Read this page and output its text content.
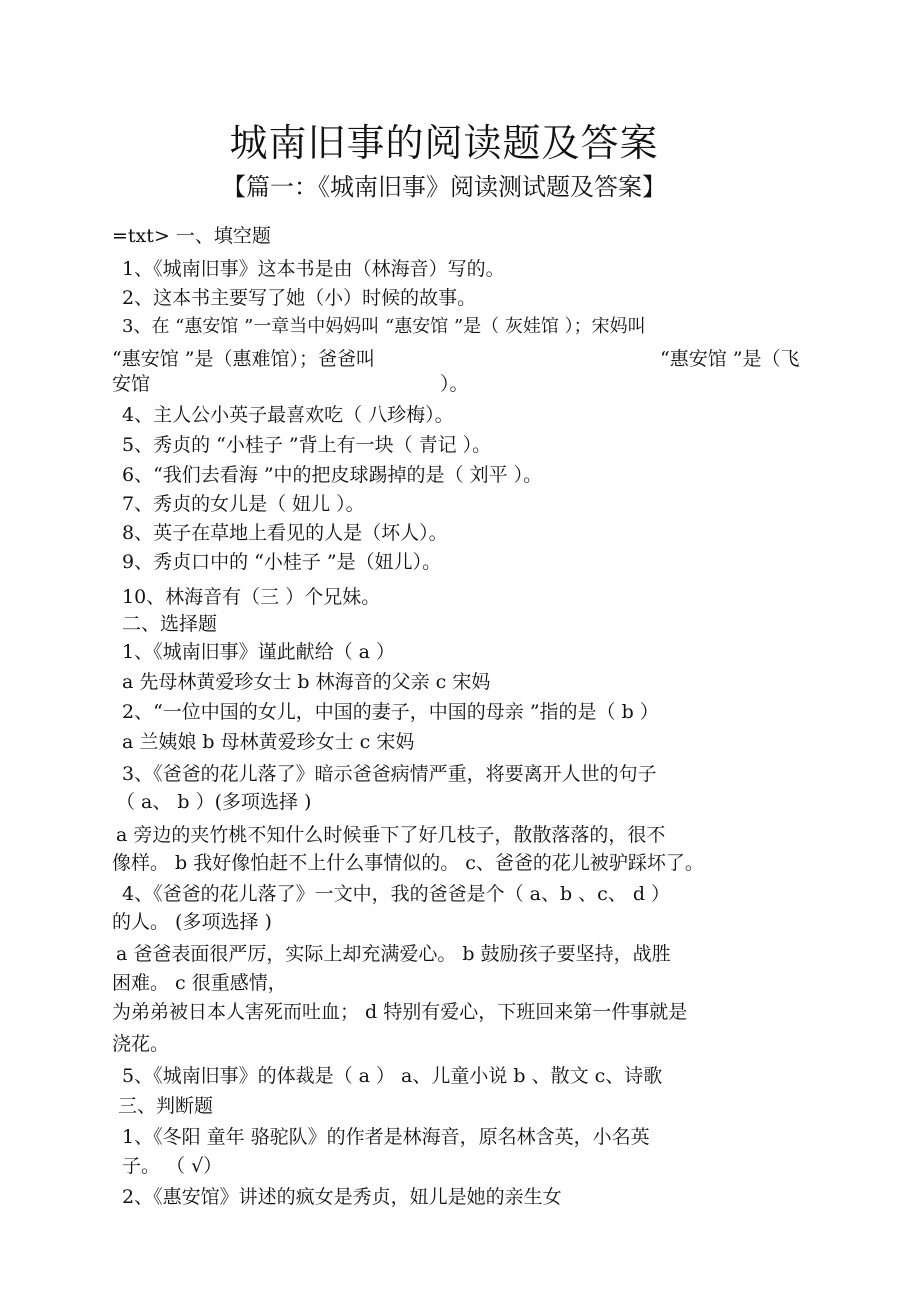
城南旧事的阅读题及答案
【篇一：《城南旧事》阅读测试题及答案】
=txt> 一、填空题
1、《城南旧事》这本书是由（林海音）写的。
2、这本书主要写了她（小）时候的故事。
3、在 “惠安馆 ”一章当中妈妈叫 “惠安馆 ”是（ 灰娃馆 ）；宋妈叫
“惠安馆 ”是（惠难馆）；爸爸叫	“惠安馆 ”是（飞
安馆	）。
4、主人公小英子最喜欢吃（ 八珍梅）。
5、秀贞的 “小桂子 ”背上有一块（ 青记 ）。
6、“我们去看海 ”中的把皮球踢掉的是（ 刘平 ）。
7、秀贞的女儿是（ 妞儿 ）。
8、英子在草地上看见的人是（坏人）。
9、秀贞口中的 “小桂子 ”是（妞儿）。
10、林海音有（三 ）个兄妹。
二、选择题
1、《城南旧事》谨此献给（ a ）
a 先母林黄爱珍女士 b 林海音的父亲 c 宋妈
2、“一位中国的女儿，中国的妻子，中国的母亲 ”指的是（ b ）
a 兰姨娘 b 母林黄爱珍女士 c 宋妈
3、《爸爸的花儿落了》暗示爸爸病情严重，将要离开人世的句子
（ a、 b ）(多项选择 )
a 旁边的夹竹桃不知什么时候垂下了好几枝子，散散落落的，很不
像样。 b 我好像怕赶不上什么事情似的。 c、爸爸的花儿被驴踩坏了。
4、《爸爸的花儿落了》一文中，我的爸爸是个（ a、b 、c、 d ）
的人。 (多项选择 )
a 爸爸表面很严厉，实际上却充满爱心。 b 鼓励孩子要坚持，战胜
困难。 c 很重感情，
为弟弟被日本人害死而吐血； d 特别有爱心，下班回来第一件事就是
浇花。
5、《城南旧事》的体裁是（ a ） a、儿童小说 b 、散文 c、诗歌
三、判断题
1、《冬阳 童年 骆驼队》的作者是林海音，原名林含英，小名英
子。 （ √）
2、《惠安馆》讲述的疯女是秀贞，妞儿是她的亲生女
